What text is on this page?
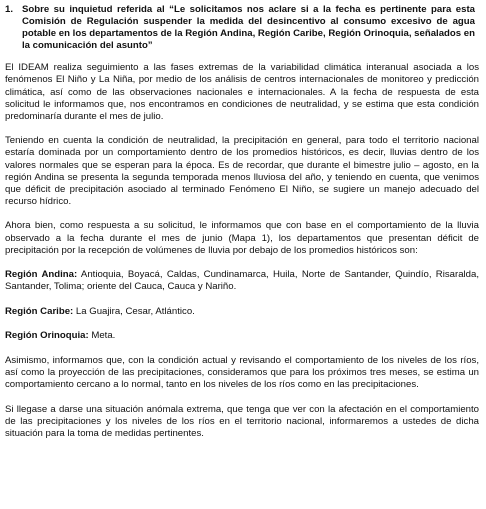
1. Sobre su inquietud referida al “Le solicitamos nos aclare si a la fecha es pertinente para esta Comisión de Regulación suspender la medida del desincentivo al consumo excesivo de agua potable en los departamentos de la Región Andina, Región Caribe, Región Orinoquia, señalados en la comunicación del asunto”

El IDEAM realiza seguimiento a las fases extremas de la variabilidad climática interanual asociada a los fenómenos El Niño y La Niña, por medio de los análisis de centros internacionales de monitoreo y predicción climática, así como de las observaciones nacionales e internacionales. A la fecha de respuesta de esta solicitud le informamos que, nos encontramos en condiciones de neutralidad, y se estima que esta condición predominaría durante el mes de julio.

Teniendo en cuenta la condición de neutralidad, la precipitación en general, para todo el territorio nacional estaría dominada por un comportamiento dentro de los promedios históricos, es decir, lluvias dentro de los valores normales que se esperan para la época. Es de recordar, que durante el bimestre julio – agosto, en la región Andina se presenta la segunda temporada menos lluviosa del año, y teniendo en cuenta, que venimos que déficit de precipitación asociado al terminado Fenómeno El Niño, se sugiere un manejo adecuado del recurso hídrico.

Ahora bien, como respuesta a su solicitud, le informamos que con base en el comportamiento de la lluvia observado a la fecha durante el mes de junio (Mapa 1), los departamentos que presentan déficit de precipitación por la recepción de volúmenes de lluvia por debajo de los promedios históricos son:

Región Andina: Antioquia, Boyacá, Caldas, Cundinamarca, Huila, Norte de Santander, Quindío, Risaralda, Santander, Tolima; oriente del Cauca, Cauca y Nariño.
Región Caribe: La Guajira, Cesar, Atlántico.
Región Orinoquia: Meta.

Asimismo, informamos que, con la condición actual y revisando el comportamiento de los niveles de los ríos, así como la proyección de las precipitaciones, consideramos que para los próximos tres meses, se estima un comportamiento cercano a lo normal, tanto en los niveles de los ríos como en las precipitaciones.

Si llegase a darse una situación anómala extrema, que tenga que ver con la afectación en el comportamiento de las precipitaciones y los niveles de los ríos en el territorio nacional, informaremos a ustedes de dicha situación para la toma de medidas pertinentes.
